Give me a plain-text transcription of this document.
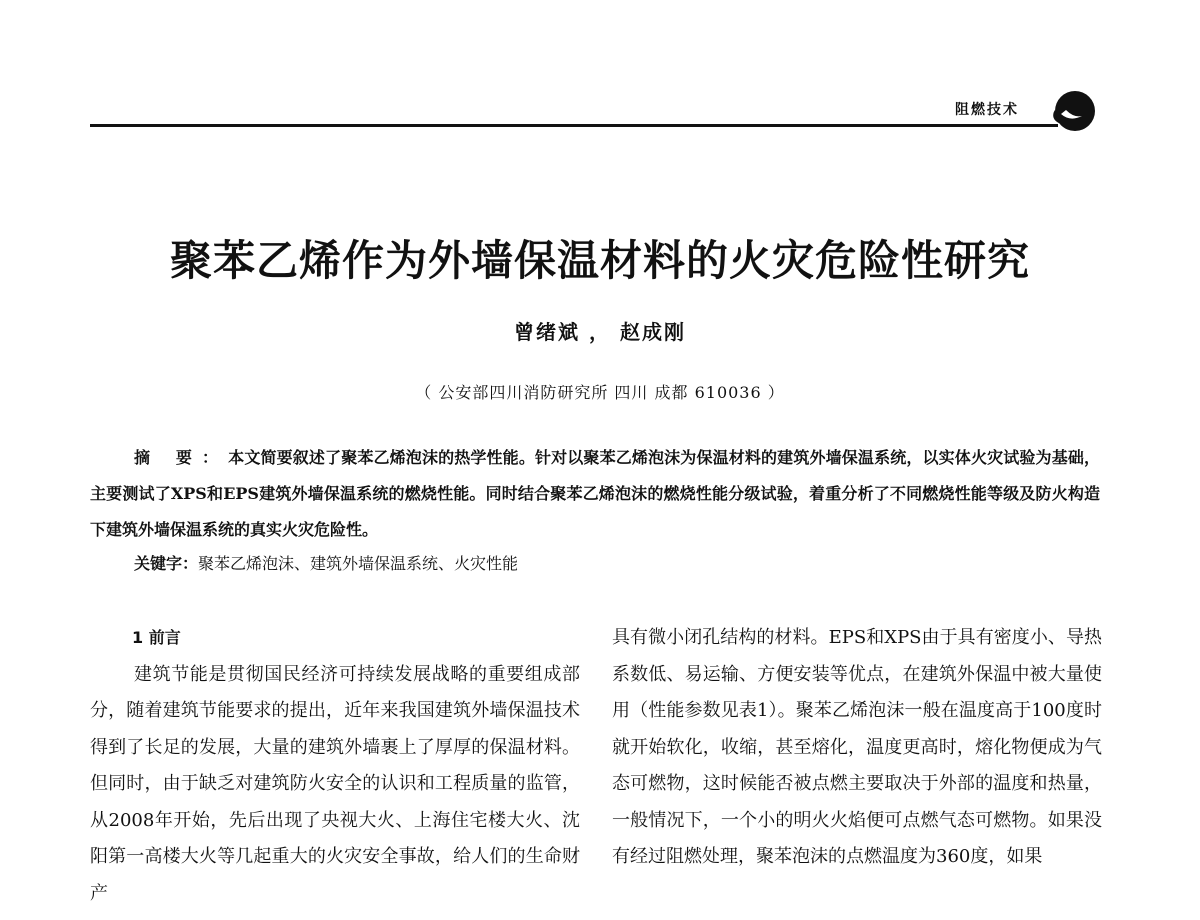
阻燃技术
聚苯乙烯作为外墙保温材料的火灾危险性研究
曾绪斌 ， 赵成刚
（ 公安部四川消防研究所 四川 成都 610036 ）
摘 要：本文简要叙述了聚苯乙烯泡沫的热学性能。针对以聚苯乙烯泡沫为保温材料的建筑外墙保温系统，以实体火灾试验为基础，主要测试了XPS和EPS建筑外墙保温系统的燃烧性能。同时结合聚苯乙烯泡沫的燃烧性能分级试验，着重分析了不同燃烧性能等级及防火构造下建筑外墙保温系统的真实火灾危险性。
关键字：聚苯乙烯泡沫、建筑外墙保温系统、火灾性能
1 前言

建筑节能是贯彻国民经济可持续发展战略的重要组成部分，随着建筑节能要求的提出，近年来我国建筑外墙保温技术得到了长足的发展，大量的建筑外墙裹上了厚厚的保温材料。但同时，由于缺乏对建筑防火安全的认识和工程质量的监管，从2008年开始，先后出现了央视大火、上海住宅楼大火、沈阳第一高楼大火等几起重大的火灾安全事故，给人们的生命财产

具有微小闭孔结构的材料。EPS和XPS由于具有密度小、导热系数低、易运输、方便安装等优点，在建筑外保温中被大量使用（性能参数见表1）。聚苯乙烯泡沫一般在温度高于100度时就开始软化，收缩，甚至熔化，温度更高时，熔化物便成为气态可燃物，这时候能否被点燃主要取决于外部的温度和热量，一般情况下，一个小的明火火焰便可点燃气态可燃物。如果没有经过阻燃处理，聚苯泡沫的点燃温度为360度，如果
